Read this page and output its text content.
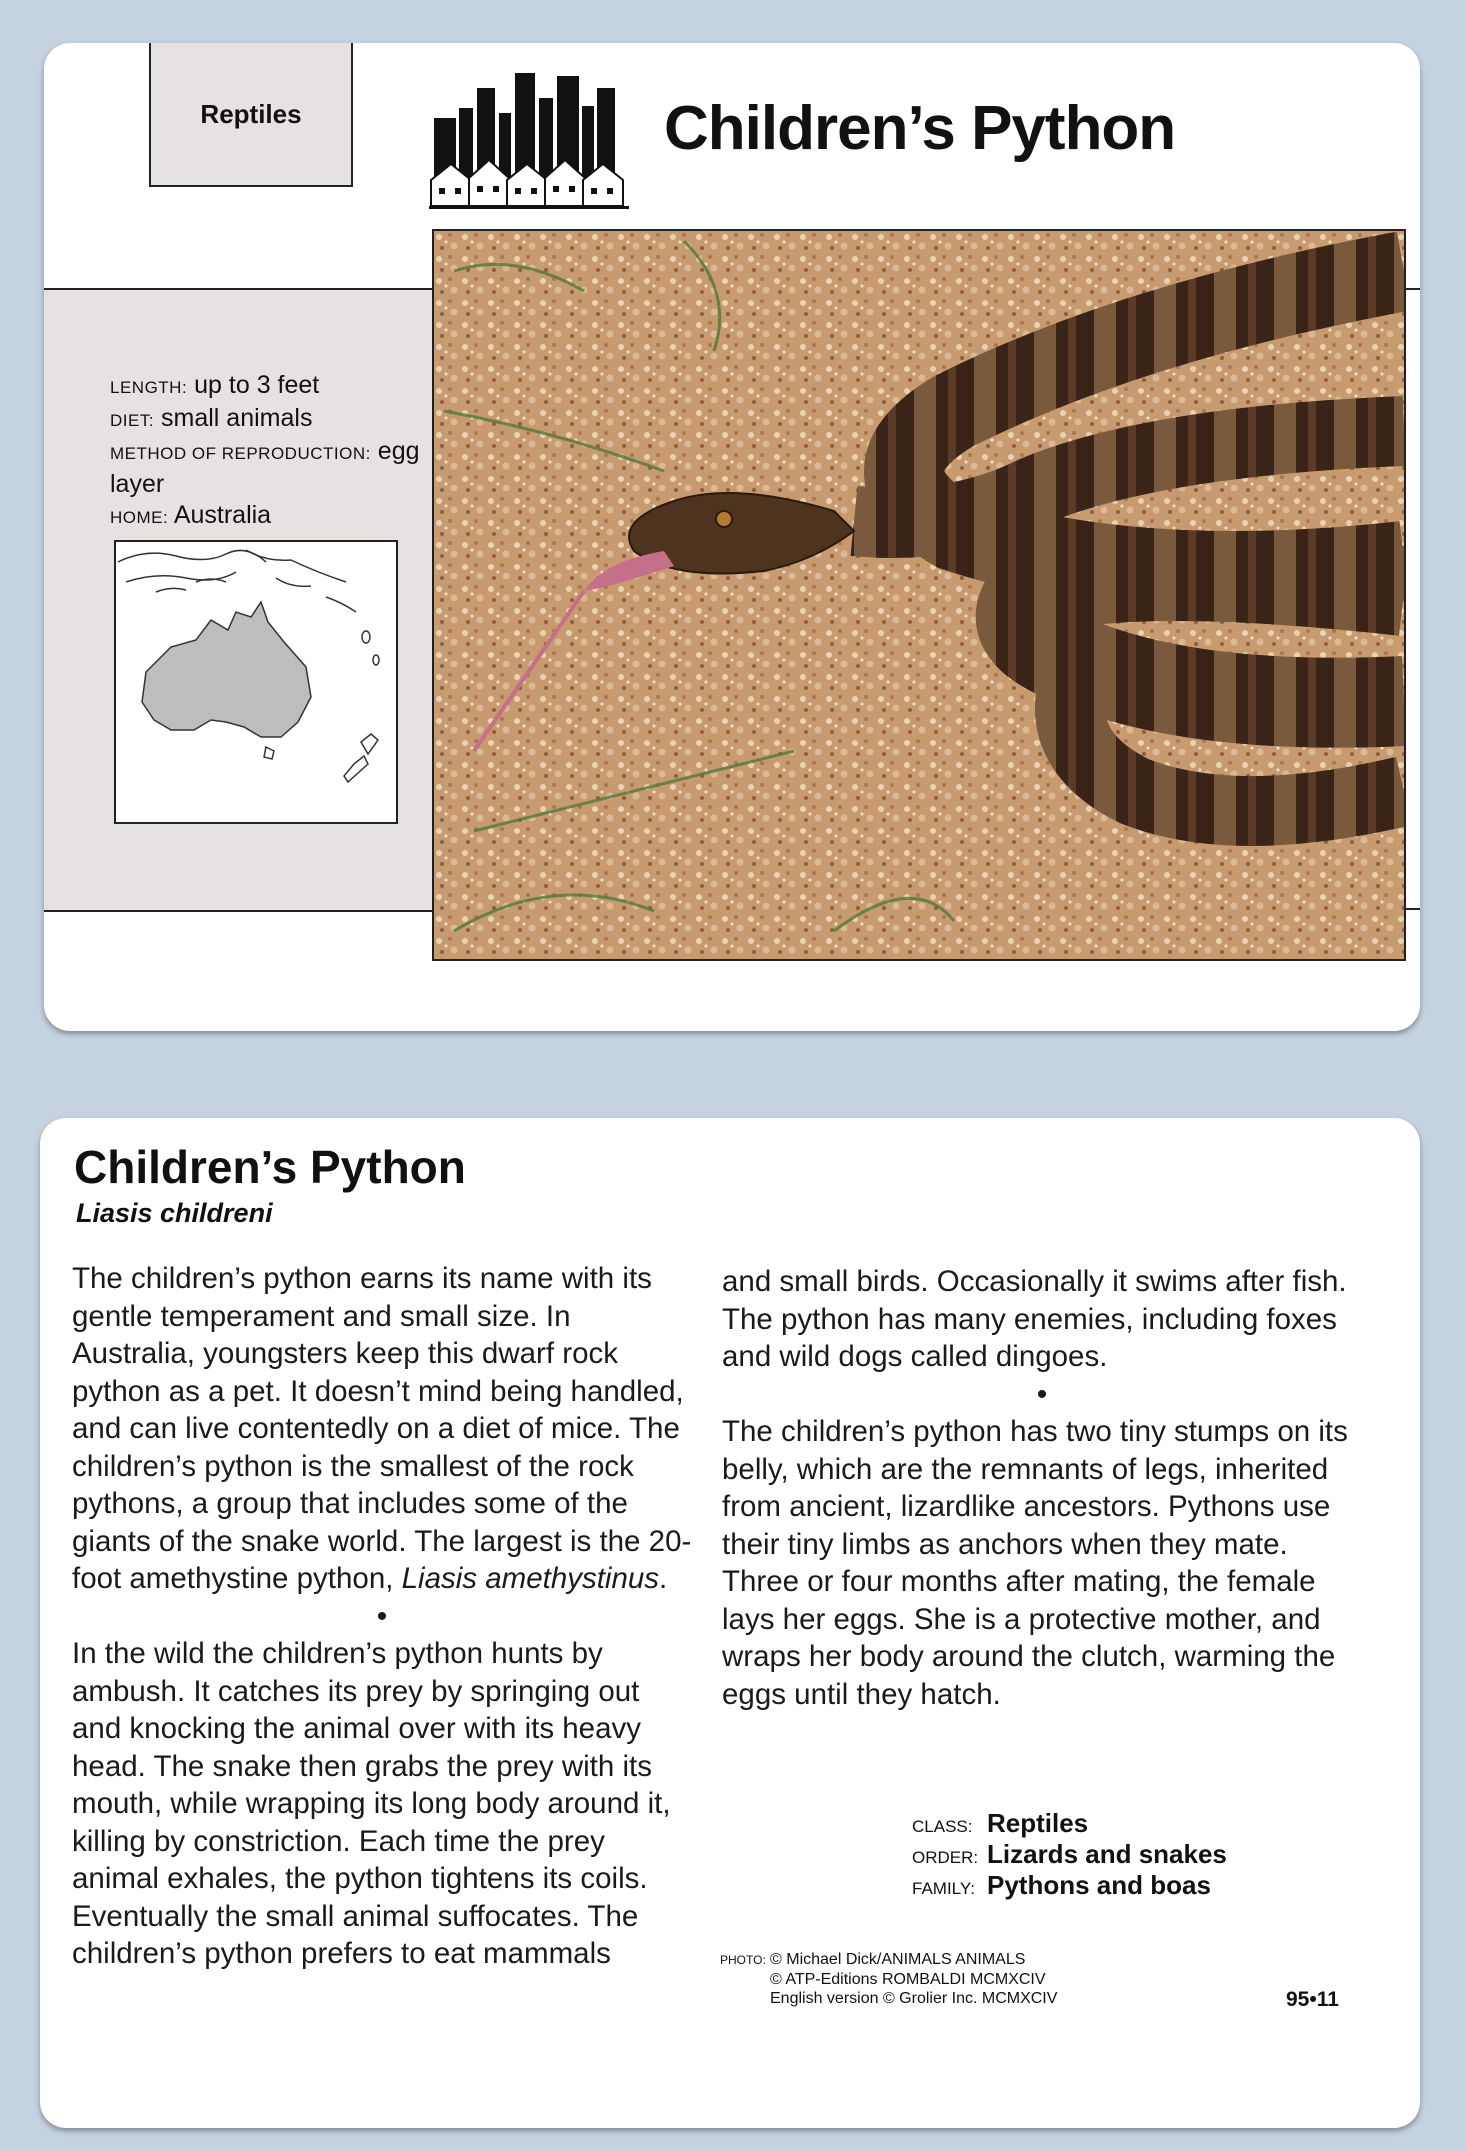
Reptiles	Children’s Python
LENGTH: up to 3 feet
DIET: small animals
METHOD OF REPRODUCTION: egg layer
HOME: Australia
Children’s Python
Liasis childreni

The children’s python earns its name with its gentle temperament and small size. In Australia, youngsters keep this dwarf rock python as a pet. It doesn’t mind being handled, and can live contentedly on a diet of mice. The children’s python is the smallest of the rock pythons, a group that includes some of the giants of the snake world. The largest is the 20-foot amethystine python, Liasis amethystinus.

•

In the wild the children’s python hunts by ambush. It catches its prey by springing out and knocking the animal over with its heavy head. The snake then grabs the prey with its mouth, while wrapping its long body around it, killing by constriction. Each time the prey animal exhales, the python tightens its coils. Eventually the small animal suffocates. The children’s python prefers to eat mammals

and small birds. Occasionally it swims after fish. The python has many enemies, including foxes and wild dogs called dingoes.

•

The children’s python has two tiny stumps on its belly, which are the remnants of legs, inherited from ancient, lizardlike ancestors. Pythons use their tiny limbs as anchors when they mate. Three or four months after mating, the female lays her eggs. She is a protective mother, and wraps her body around the clutch, warming the eggs until they hatch.

CLASS: Reptiles
ORDER: Lizards and snakes
FAMILY: Pythons and boas
PHOTO: © Michael Dick/ANIMALS ANIMALS
© ATP-Editions ROMBALDI MCMXCIV
English version © Grolier Inc. MCMXCIV	95•11
